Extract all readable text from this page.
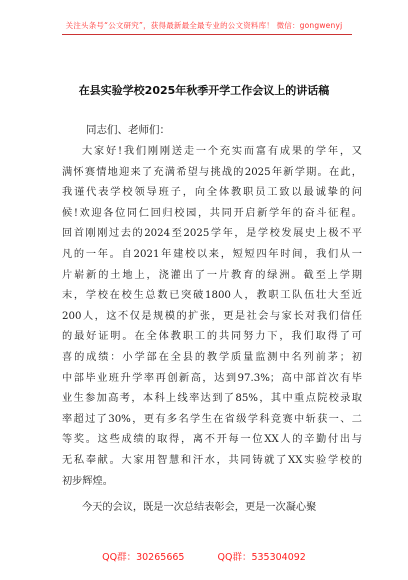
关注头条号“公文研究”，获得最新最全最专业的公文资料库！ 微信：gongwenyj
在县实验学校2025年秋季开学工作会议上的讲话稿
同志们、老师们：
大家好!我们刚刚送走一个充实而富有成果的学年，又
满怀赛情地迎来了充满希望与挑战的2025年新学期。在此，
我谨代表学校领导班子，向全体教职员工致以最诚挚的问
候!欢迎各位同仁回归校园，共同开启新学年的奋斗征程。
回首刚刚过去的2024至2025学年，是学校发展史上极不平
凡的一年。自2021年建校以来，短短四年时间，我们从一
片崭新的土地上，浇灌出了一片教育的绿洲。截至上学期
末，学校在校生总数已突破1800人，教职工队伍壮大至近
200人，这不仅是规模的扩张，更是社会与家长对我们信任
的最好证明。在全体教职工的共同努力下，我们取得了可
喜的成绩：小学部在全县的教学质量监测中名列前茅；初
中部毕业班升学率再创新高，达到97.3%；高中部首次有毕
业生参加高考，本科上线率达到了85%，其中重点院校录取
率超过了30%，更有多名学生在省级学科竞赛中斩获一、二
等奖。这些成绩的取得，离不开每一位XX人的辛勤付出与
无私奉献。大家用智慧和汗水，共同铸就了XX实验学校的
初步辉煌。
今天的会议，既是一次总结表彰会，更是一次凝心聚
QQ群：30265665	QQ群：535304092
